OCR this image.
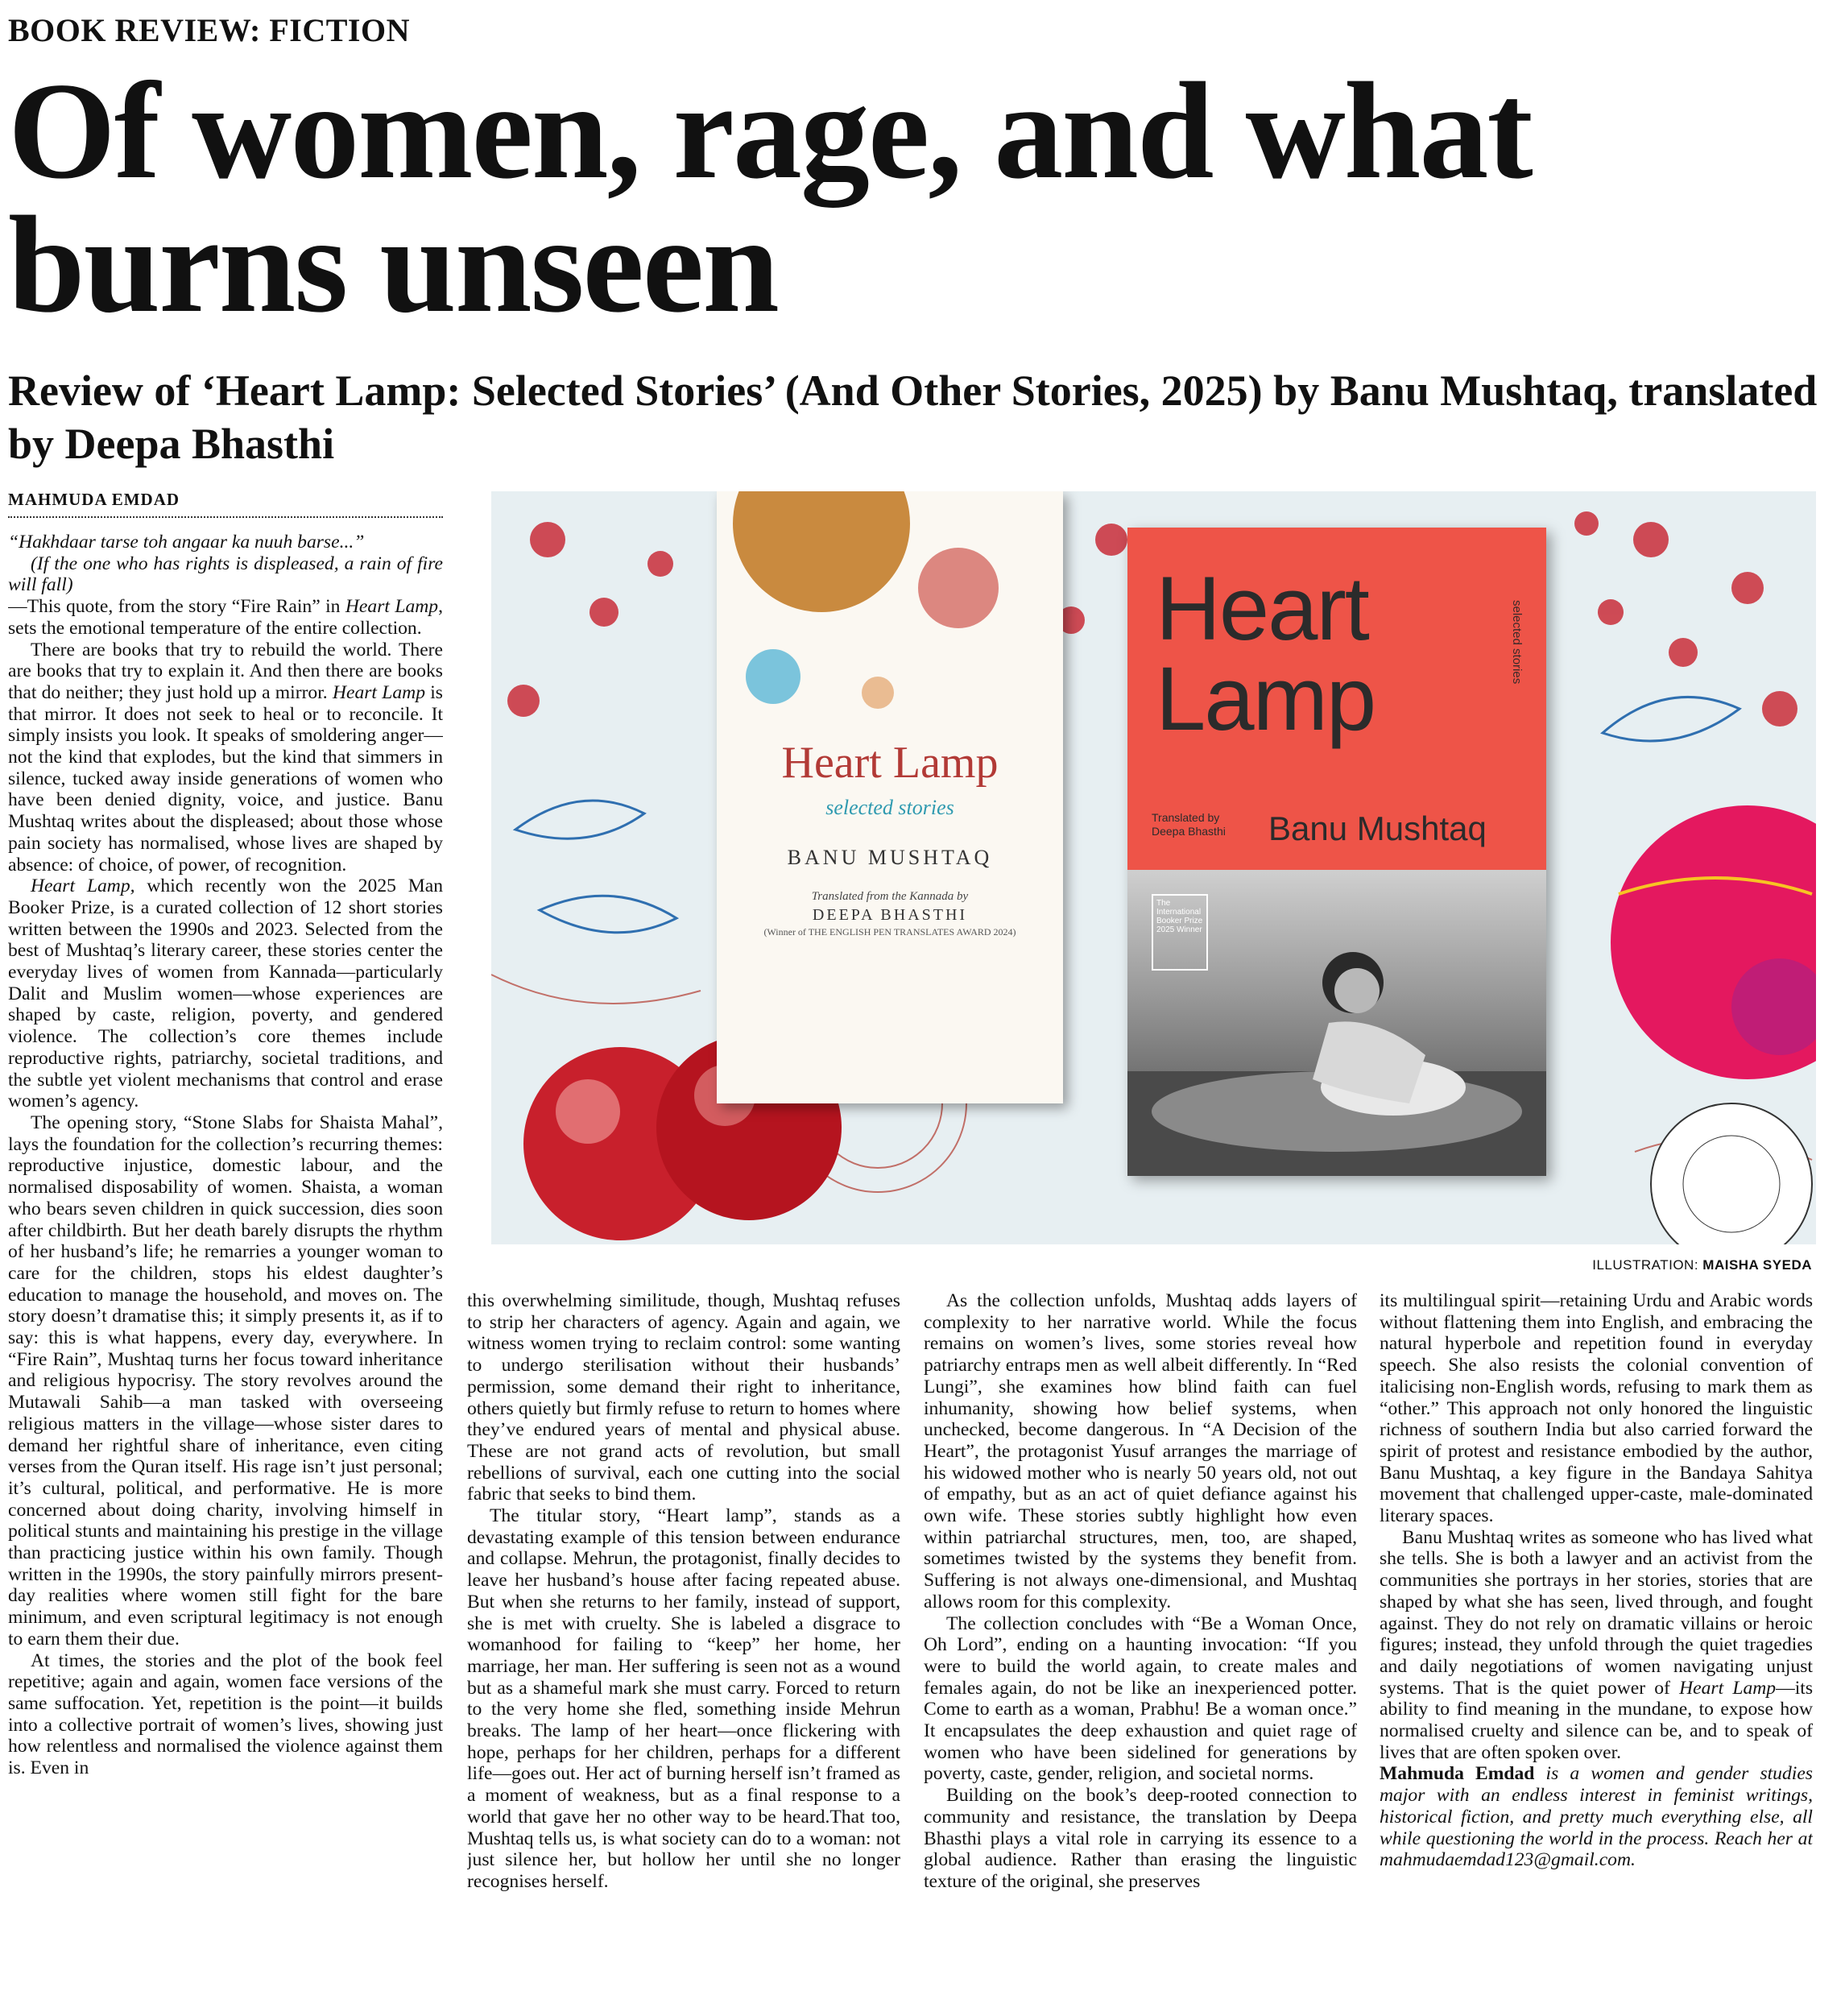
BOOK REVIEW: FICTION
Of women, rage, and what burns unseen
Review of ‘Heart Lamp: Selected Stories’ (And Other Stories, 2025) by Banu Mushtaq, translated by Deepa Bhasthi
MAHMUDA EMDAD
Heart Lamp
selected stories
BANU MUSHTAQ
Translated from the Kannada by
DEEPA BHASTHI
(Winner of THE ENGLISH PEN TRANSLATES AWARD 2024)
Heart
Lamp
selected stories
Translated by
Deepa Bhasthi Banu Mushtaq
The International Booker Prize 2025 Winner
ILLUSTRATION: MAISHA SYEDA

“Hakhdaar tarse toh angaar ka nuuh barse...”

(If the one who has rights is displeased, a rain of fire will fall)

—This quote, from the story “Fire Rain” in Heart Lamp, sets the emotional temperature of the entire collection.

There are books that try to rebuild the world. There are books that try to explain it. And then there are books that do neither; they just hold up a mirror. Heart Lamp is that mirror. It does not seek to heal or to reconcile. It simply insists you look. It speaks of smoldering anger—not the kind that explodes, but the kind that simmers in silence, tucked away inside generations of women who have been denied dignity, voice, and justice. Banu Mushtaq writes about the displeased; about those whose pain society has normalised, whose lives are shaped by absence: of choice, of power, of recognition.

Heart Lamp, which recently won the 2025 Man Booker Prize, is a curated collection of 12 short stories written between the 1990s and 2023. Selected from the best of Mushtaq’s literary career, these stories center the everyday lives of women from Kannada—particularly Dalit and Muslim women—whose experiences are shaped by caste, religion, poverty, and gendered violence. The collection’s core themes include reproductive rights, patriarchy, societal traditions, and the subtle yet violent mechanisms that control and erase women’s agency.

The opening story, “Stone Slabs for Shaista Mahal”, lays the foundation for the collection’s recurring themes: reproductive injustice, domestic labour, and the normalised disposability of women. Shaista, a woman who bears seven children in quick succession, dies soon after childbirth. But her death barely disrupts the rhythm of her husband’s life; he remarries a younger woman to care for the children, stops his eldest daughter’s education to manage the household, and moves on. The story doesn’t dramatise this; it simply presents it, as if to say: this is what happens, every day, everywhere. In “Fire Rain”, Mushtaq turns her focus toward inheritance and religious hypocrisy. The story revolves around the Mutawali Sahib—a man tasked with overseeing religious matters in the village—whose sister dares to demand her rightful share of inheritance, even citing verses from the Quran itself. His rage isn’t just personal; it’s cultural, political, and performative. He is more concerned about doing charity, involving himself in political stunts and maintaining his prestige in the village than practicing justice within his own family. Though written in the 1990s, the story painfully mirrors present-day realities where women still fight for the bare minimum, and even scriptural legitimacy is not enough to earn them their due.

At times, the stories and the plot of the book feel repetitive; again and again, women face versions of the same suffocation. Yet, repetition is the point—it builds into a collective portrait of women’s lives, showing just how relentless and normalised the violence against them is. Even in

this overwhelming similitude, though, Mushtaq refuses to strip her characters of agency. Again and again, we witness women trying to reclaim control: some wanting to undergo sterilisation without their husbands’ permission, some demand their right to inheritance, others quietly but firmly refuse to return to homes where they’ve endured years of mental and physical abuse. These are not grand acts of revolution, but small rebellions of survival, each one cutting into the social fabric that seeks to bind them.

The titular story, “Heart lamp”, stands as a devastating example of this tension between endurance and collapse. Mehrun, the protagonist, finally decides to leave her husband’s house after facing repeated abuse. But when she returns to her family, instead of support, she is met with cruelty. She is labeled a disgrace to womanhood for failing to “keep” her home, her marriage, her man. Her suffering is seen not as a wound but as a shameful mark she must carry. Forced to return to the very home she fled, something inside Mehrun breaks. The lamp of her heart—once flickering with hope, perhaps for her children, perhaps for a different life—goes out. Her act of burning herself isn’t framed as a moment of weakness, but as a final response to a world that gave her no other way to be heard.That too, Mushtaq tells us, is what society can do to a woman: not just silence her, but hollow her until she no longer recognises herself.

As the collection unfolds, Mushtaq adds layers of complexity to her narrative world. While the focus remains on women’s lives, some stories reveal how patriarchy entraps men as well albeit differently. In “Red Lungi”, she examines how blind faith can fuel inhumanity, showing how belief systems, when unchecked, become dangerous. In “A Decision of the Heart”, the protagonist Yusuf arranges the marriage of his widowed mother who is nearly 50 years old, not out of empathy, but as an act of quiet defiance against his own wife. These stories subtly highlight how even within patriarchal structures, men, too, are shaped, sometimes twisted by the systems they benefit from. Suffering is not always one-dimensional, and Mushtaq allows room for this complexity.

The collection concludes with “Be a Woman Once, Oh Lord”, ending on a haunting invocation: “If you were to build the world again, to create males and females again, do not be like an inexperienced potter. Come to earth as a woman, Prabhu! Be a woman once.” It encapsulates the deep exhaustion and quiet rage of women who have been sidelined for generations by poverty, caste, gender, religion, and societal norms.

Building on the book’s deep-rooted connection to community and resistance, the translation by Deepa Bhasthi plays a vital role in carrying its essence to a global audience. Rather than erasing the linguistic texture of the original, she preserves

its multilingual spirit—retaining Urdu and Arabic words without flattening them into English, and embracing the natural hyperbole and repetition found in everyday speech. She also resists the colonial convention of italicising non-English words, refusing to mark them as “other.” This approach not only honored the linguistic richness of southern India but also carried forward the spirit of protest and resistance embodied by the author, Banu Mushtaq, a key figure in the Bandaya Sahitya movement that challenged upper-caste, male-dominated literary spaces.

Banu Mushtaq writes as someone who has lived what she tells. She is both a lawyer and an activist from the communities she portrays in her stories, stories that are shaped by what she has seen, lived through, and fought against. They do not rely on dramatic villains or heroic figures; instead, they unfold through the quiet tragedies and daily negotiations of women navigating unjust systems. That is the quiet power of Heart Lamp—its ability to find meaning in the mundane, to expose how normalised cruelty and silence can be, and to speak of lives that are often spoken over.

Mahmuda Emdad is a women and gender studies major with an endless interest in feminist writings, historical fiction, and pretty much everything else, all while questioning the world in the process. Reach her at mahmudaemdad123@gmail.com.
